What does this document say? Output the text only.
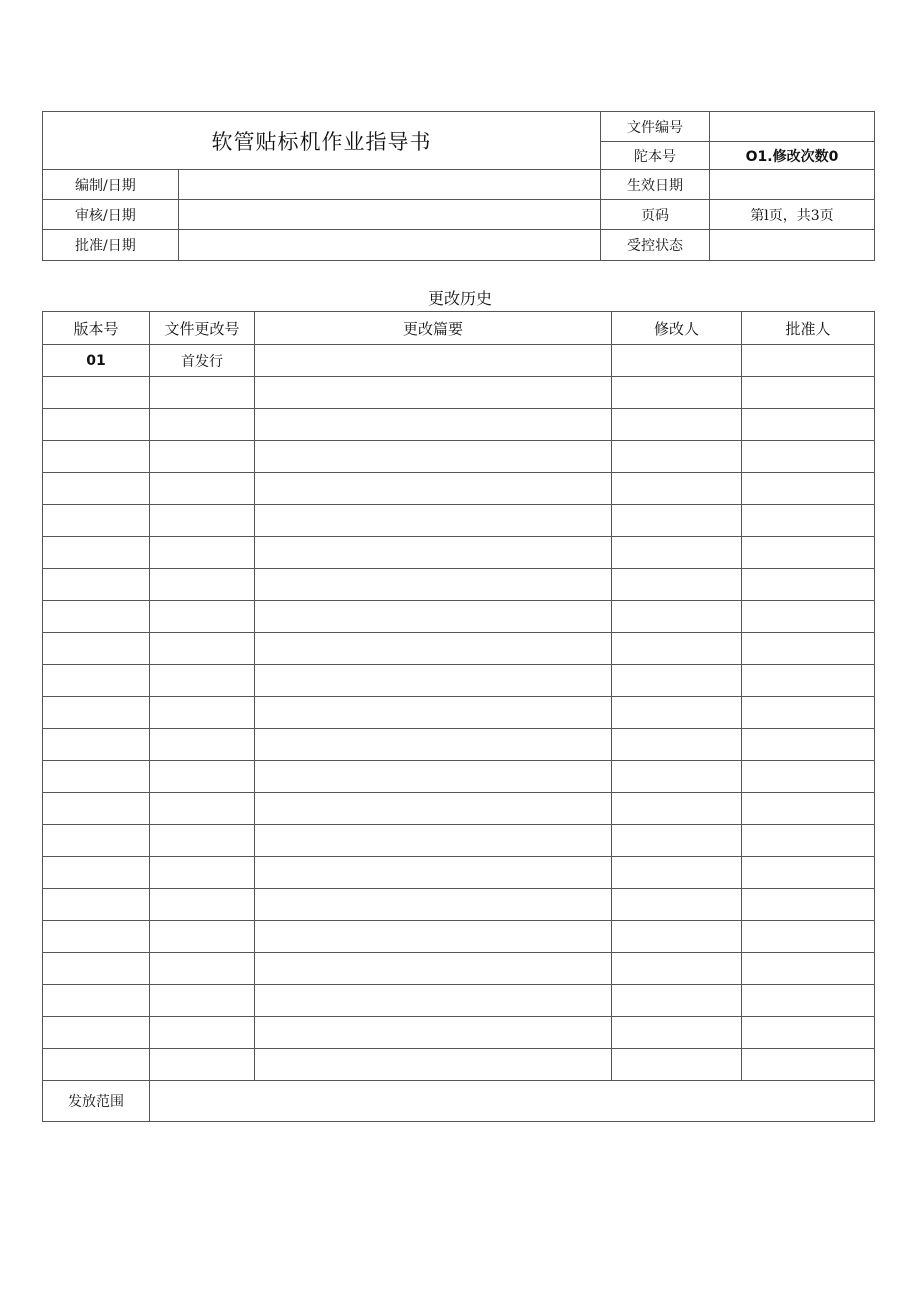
软管贴标机作业指导书		文件编号	
		陀本号	O1.修改次数0
编制/日期		生效日期	
审核/日期		页码	第l页，共3页
批准/日期		受控状态	
更改历史
版本号	文件更改号	更改篇要	修改人	批准人
01	首发行			

发放范围				
